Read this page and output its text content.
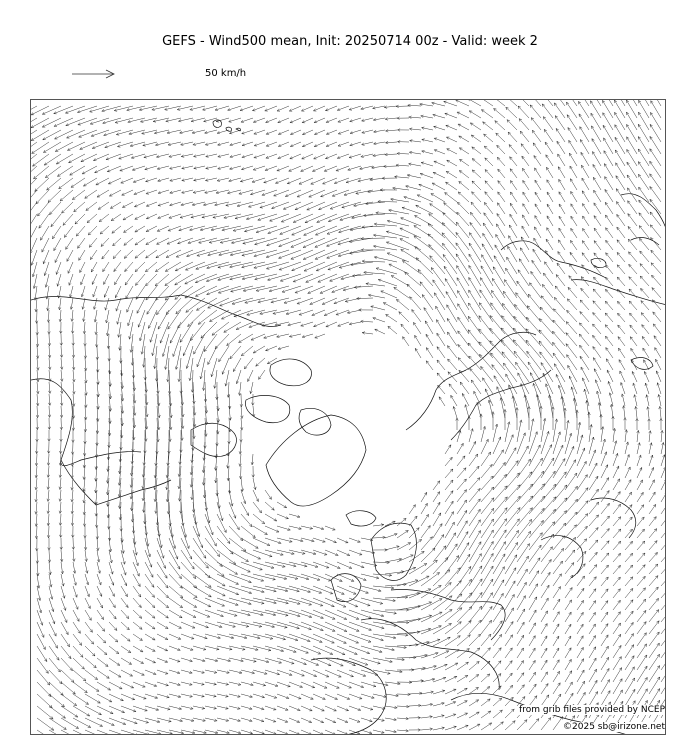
GEFS - Wind500 mean, Init: 20250714 00z - Valid: week 2
50 km/h
from grib files provided by NCEP
©2025 sb@irizone.net
